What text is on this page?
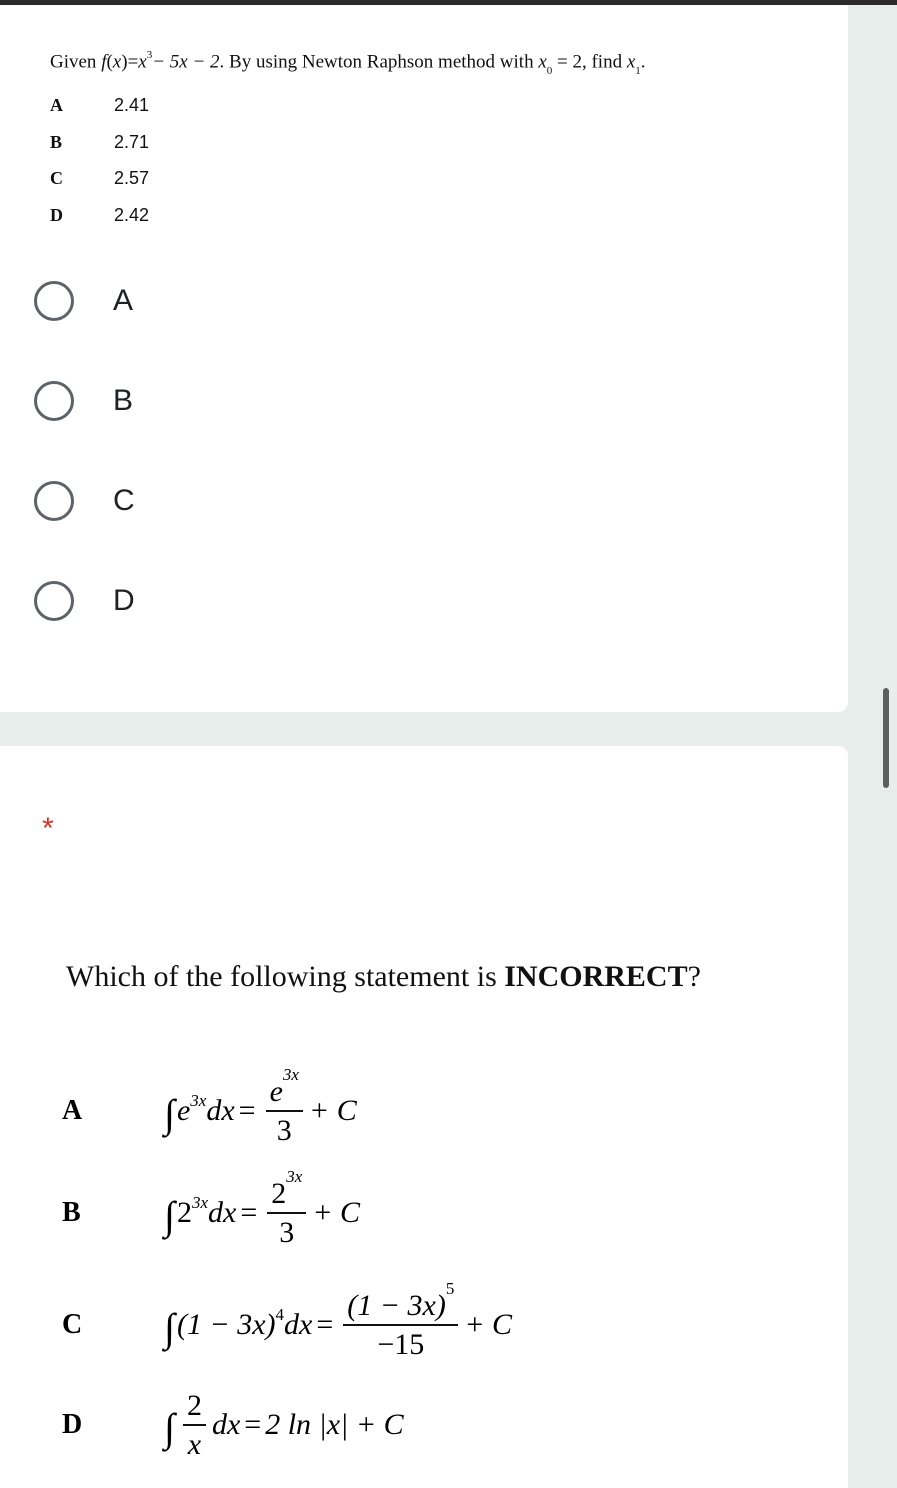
Given $f(x)=x^3- 5x - 2$. By using Newton Raphson method with $x_0 = 2$, find $x_1$.
A	2.41
B	2.71
C	2.57
D	2.42
A
B
C
D
*
Which of the following statement is INCORRECT?
A ∫ $e^{3x}$ dx = $\frac{e^{3x}}{3} + C$
B ∫ $2^{3x}$ dx = $\frac{2^{3x}}{3} + C$
C ∫ $(1 - 3x)^4$ dx = $\frac{(1 - 3x)^5}{-15} + C$
D ∫ $\frac{2}{x}$ dx = 2 ln |x| + C
